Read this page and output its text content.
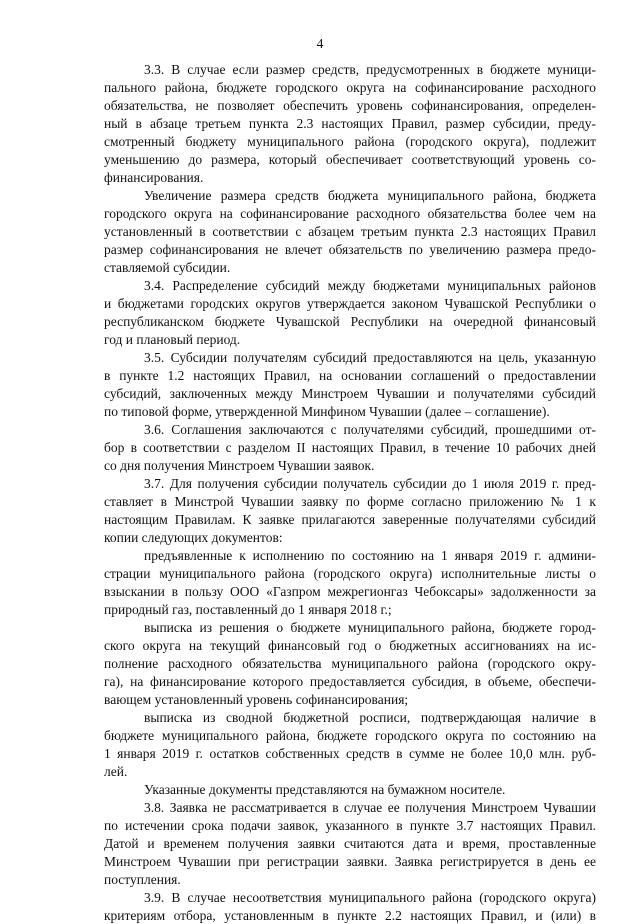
4
3.3. В случае если размер средств, предусмотренных в бюджете муници-
пального района, бюджете городского округа на софинансирование расходного
обязательства, не позволяет обеспечить уровень софинансирования, определен-
ный в абзаце третьем пункта 2.3 настоящих Правил, размер субсидии, преду-
смотренный бюджету муниципального района (городского округа), подлежит
уменьшению до размера, который обеспечивает соответствующий уровень со-
финансирования.
Увеличение размера средств бюджета муниципального района, бюджета
городского округа на софинансирование расходного обязательства более чем на
установленный в соответствии с абзацем третьим пункта 2.3 настоящих Правил
размер софинансирования не влечет обязательств по увеличению размера предо-
ставляемой субсидии.
3.4. Распределение субсидий между бюджетами муниципальных районов
и бюджетами городских округов утверждается законом Чувашской Республики о
республиканском бюджете Чувашской Республики на очередной финансовый
год и плановый период.
3.5. Субсидии получателям субсидий предоставляются на цель, указанную
в пункте 1.2 настоящих Правил, на основании соглашений о предоставлении
субсидий, заключенных между Минстроем Чувашии и получателями субсидий
по типовой форме, утвержденной Минфином Чувашии (далее – соглашение).
3.6. Соглашения заключаются с получателями субсидий, прошедшими от-
бор в соответствии с разделом II настоящих Правил, в течение 10 рабочих дней
со дня получения Минстроем Чувашии заявок.
3.7. Для получения субсидии получатель субсидии до 1 июля 2019 г. пред-
ставляет в Минстрой Чувашии заявку по форме согласно приложению № 1 к
настоящим Правилам. К заявке прилагаются заверенные получателями субсидий
копии следующих документов:
предъявленные к исполнению по состоянию на 1 января 2019 г. админи-
страции муниципального района (городского округа) исполнительные листы о
взыскании в пользу ООО «Газпром межрегионгаз Чебоксары» задолженности за
природный газ, поставленный до 1 января 2018 г.;
выписка из решения о бюджете муниципального района, бюджете город-
ского округа на текущий финансовый год о бюджетных ассигнованиях на ис-
полнение расходного обязательства муниципального района (городского окру-
га), на финансирование которого предоставляется субсидия, в объеме, обеспечи-
вающем установленный уровень софинансирования;
выписка из сводной бюджетной росписи, подтверждающая наличие в
бюджете муниципального района, бюджете городского округа по состоянию на
1 января 2019 г. остатков собственных средств в сумме не более 10,0 млн. руб-
лей.
Указанные документы представляются на бумажном носителе.
3.8. Заявка не рассматривается в случае ее получения Минстроем Чувашии
по истечении срока подачи заявок, указанного в пункте 3.7 настоящих Правил.
Датой и временем получения заявки считаются дата и время, проставленные
Минстроем Чувашии при регистрации заявки. Заявка регистрируется в день ее
поступления.
3.9. В случае несоответствия муниципального района (городского округа)
критериям отбора, установленным в пункте 2.2 настоящих Правил, и (или) в
